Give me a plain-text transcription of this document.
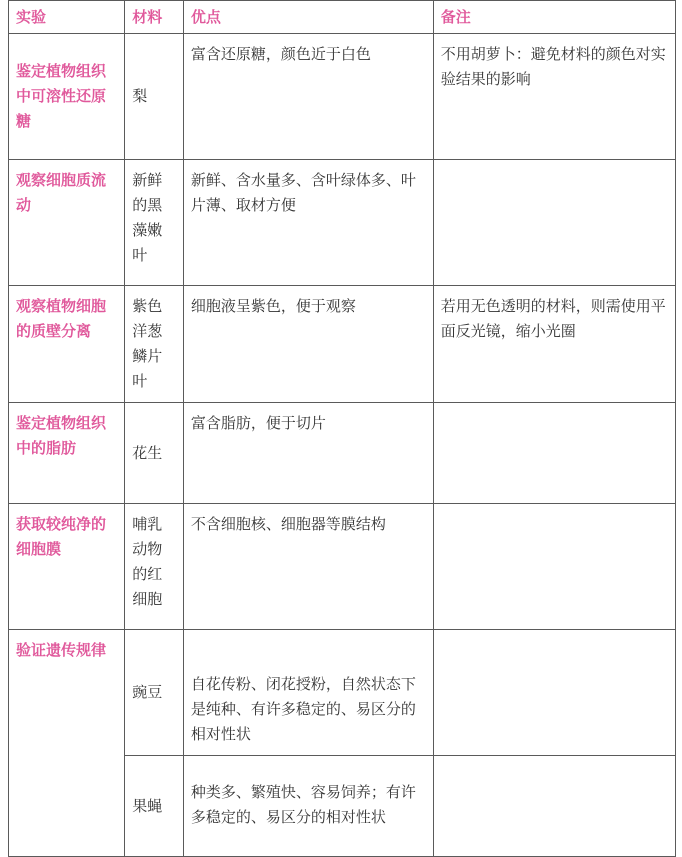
实验	材料	优点	备注
鉴定植物组织中可溶性还原糖	梨	富含还原糖，颜色近于白色	不用胡萝卜：避免材料的颜色对实验结果的影响
观察细胞质流动	新鲜的黑藻嫩叶	新鲜、含水量多、含叶绿体多、叶片薄、取材方便	
观察植物细胞的质壁分离	紫色洋葱鳞片叶	细胞液呈紫色，便于观察	若用无色透明的材料，则需使用平面反光镜，缩小光圈
鉴定植物组织中的脂肪	花生	富含脂肪，便于切片	
获取较纯净的细胞膜	哺乳动物的红细胞	不含细胞核、细胞器等膜结构	
验证遗传规律	豌豆	自花传粉、闭花授粉，自然状态下是纯种、有许多稳定的、易区分的相对性状	
	果蝇	种类多、繁殖快、容易饲养；有许多稳定的、易区分的相对性状	
